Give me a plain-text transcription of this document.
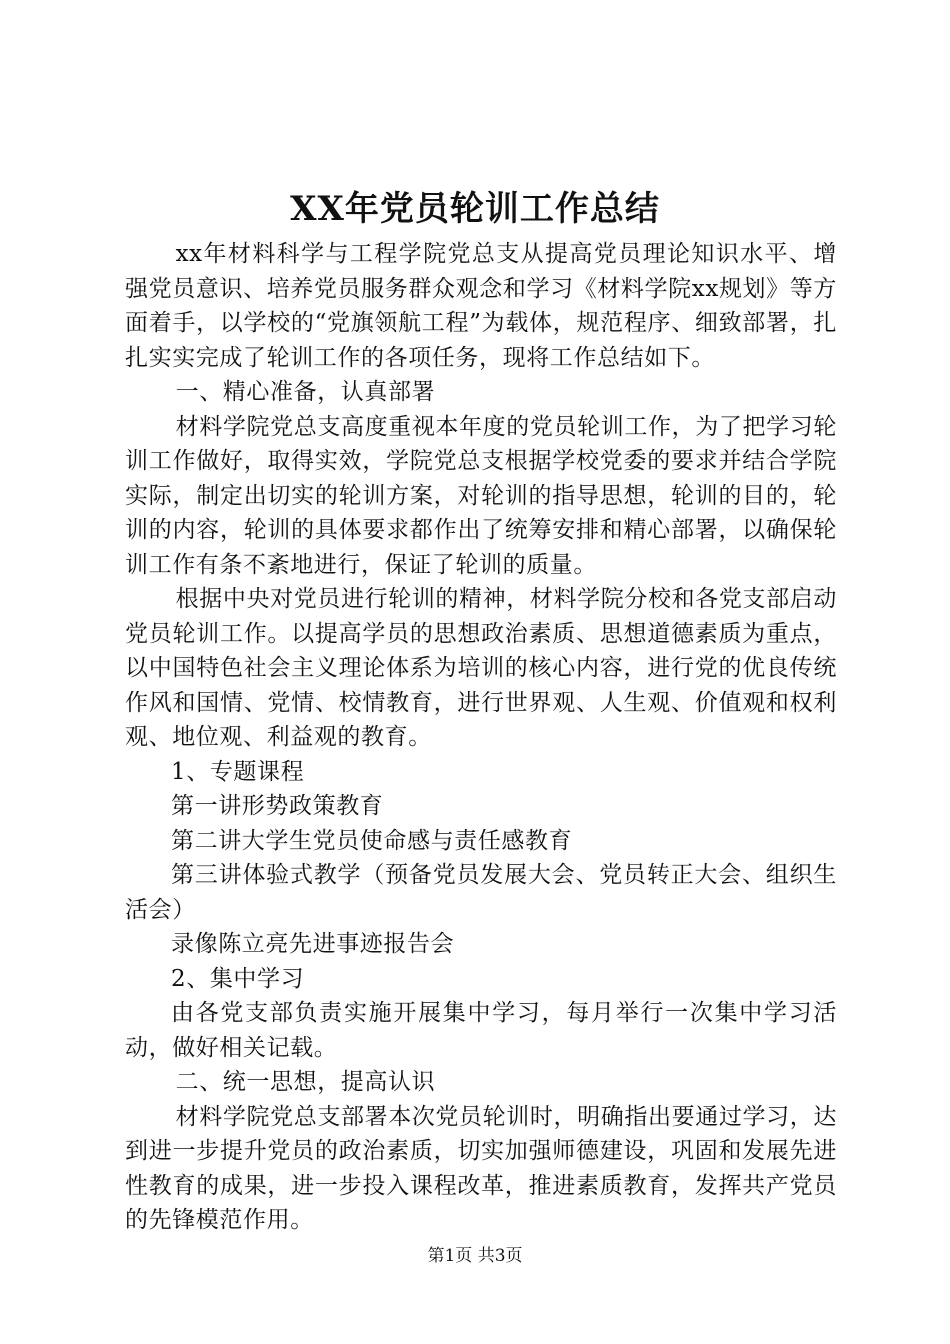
XX年党员轮训工作总结

xx年材料科学与工程学院党总支从提高党员理论知识水平、增强党员意识、培养党员服务群众观念和学习《材料学院xx规划》等方面着手，以学校的“党旗领航工程”为载体，规范程序、细致部署，扎扎实实完成了轮训工作的各项任务，现将工作总结如下。

一、精心准备，认真部署

材料学院党总支高度重视本年度的党员轮训工作，为了把学习轮训工作做好，取得实效，学院党总支根据学校党委的要求并结合学院实际，制定出切实的轮训方案，对轮训的指导思想，轮训的目的，轮训的内容，轮训的具体要求都作出了统筹安排和精心部署，以确保轮训工作有条不紊地进行，保证了轮训的质量。

根据中央对党员进行轮训的精神，材料学院分校和各党支部启动党员轮训工作。以提高学员的思想政治素质、思想道德素质为重点，以中国特色社会主义理论体系为培训的核心内容，进行党的优良传统作风和国情、党情、校情教育，进行世界观、人生观、价值观和权利观、地位观、利益观的教育。

1、专题课程

第一讲形势政策教育

第二讲大学生党员使命感与责任感教育

第三讲体验式教学（预备党员发展大会、党员转正大会、组织生活会）

录像陈立亮先进事迹报告会

2、集中学习

由各党支部负责实施开展集中学习，每月举行一次集中学习活动，做好相关记载。

二、统一思想，提高认识

材料学院党总支部署本次党员轮训时，明确指出要通过学习，达到进一步提升党员的政治素质，切实加强师德建设，巩固和发展先进性教育的成果，进一步投入课程改革，推进素质教育，发挥共产党员的先锋模范作用。

第1页 共3页
